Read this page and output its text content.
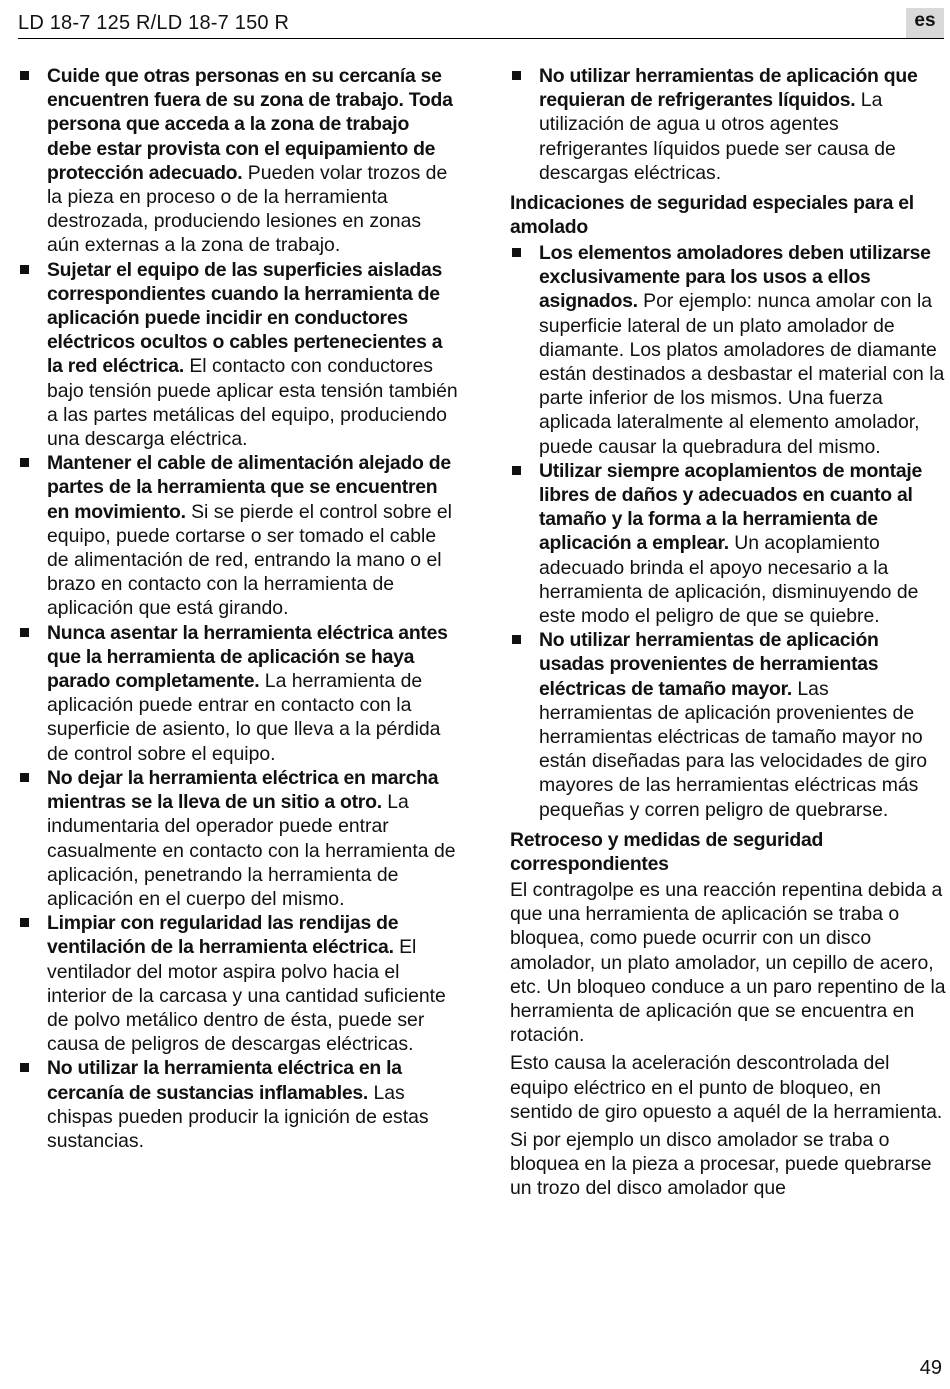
LD 18-7 125 R/LD 18-7 150 R	es
Cuide que otras personas en su cercanía se encuentren fuera de su zona de trabajo. Toda persona que acceda a la zona de trabajo debe estar provista con el equipamiento de protección adecuado. Pueden volar trozos de la pieza en proceso o de la herramienta destrozada, produciendo lesiones en zonas aún externas a la zona de trabajo.
Sujetar el equipo de las superficies aisladas correspondientes cuando la herramienta de aplicación puede incidir en conductores eléctricos ocultos o cables pertenecientes a la red eléctrica. El contacto con conductores bajo tensión puede aplicar esta tensión también a las partes metálicas del equipo, produciendo una descarga eléctrica.
Mantener el cable de alimentación alejado de partes de la herramienta que se encuentren en movimiento. Si se pierde el control sobre el equipo, puede cortarse o ser tomado el cable de alimentación de red, entrando la mano o el brazo en contacto con la herramienta de aplicación que está girando.
Nunca asentar la herramienta eléctrica antes que la herramienta de aplicación se haya parado completamente. La herramienta de aplicación puede entrar en contacto con la superficie de asiento, lo que lleva a la pérdida de control sobre el equipo.
No dejar la herramienta eléctrica en marcha mientras se la lleva de un sitio a otro. La indumentaria del operador puede entrar casualmente en contacto con la herramienta de aplicación, penetrando la herramienta de aplicación en el cuerpo del mismo.
Limpiar con regularidad las rendijas de ventilación de la herramienta eléctrica. El ventilador del motor aspira polvo hacia el interior de la carcasa y una cantidad suficiente de polvo metálico dentro de ésta, puede ser causa de peligros de descargas eléctricas.
No utilizar la herramienta eléctrica en la cercanía de sustancias inflamables. Las chispas pueden producir la ignición de estas sustancias.
No utilizar herramientas de aplicación que requieran de refrigerantes líquidos. La utilización de agua u otros agentes refrigerantes líquidos puede ser causa de descargas eléctricas.
Indicaciones de seguridad especiales para el amolado
Los elementos amoladores deben utilizarse exclusivamente para los usos a ellos asignados. Por ejemplo: nunca amolar con la superficie lateral de un plato amolador de diamante. Los platos amoladores de diamante están destinados a desbastar el material con la parte inferior de los mismos. Una fuerza aplicada lateralmente al elemento amolador, puede causar la quebradura del mismo.
Utilizar siempre acoplamientos de montaje libres de daños y adecuados en cuanto al tamaño y la forma a la herramienta de aplicación a emplear. Un acoplamiento adecuado brinda el apoyo necesario a la herramienta de aplicación, disminuyendo de este modo el peligro de que se quiebre.
No utilizar herramientas de aplicación usadas provenientes de herramientas eléctricas de tamaño mayor. Las herramientas de aplicación provenientes de herramientas eléctricas de tamaño mayor no están diseñadas para las velocidades de giro mayores de las herramientas eléctricas más pequeñas y corren peligro de quebrarse.
Retroceso y medidas de seguridad correspondientes

El contragolpe es una reacción repentina debida a que una herramienta de aplicación se traba o bloquea, como puede ocurrir con un disco amolador, un plato amolador, un cepillo de acero, etc. Un bloqueo conduce a un paro repentino de la herramienta de aplicación que se encuentra en rotación.

Esto causa la aceleración descontrolada del equipo eléctrico en el punto de bloqueo, en sentido de giro opuesto a aquél de la herramienta.

Si por ejemplo un disco amolador se traba o bloquea en la pieza a procesar, puede quebrarse un trozo del disco amolador que

49
